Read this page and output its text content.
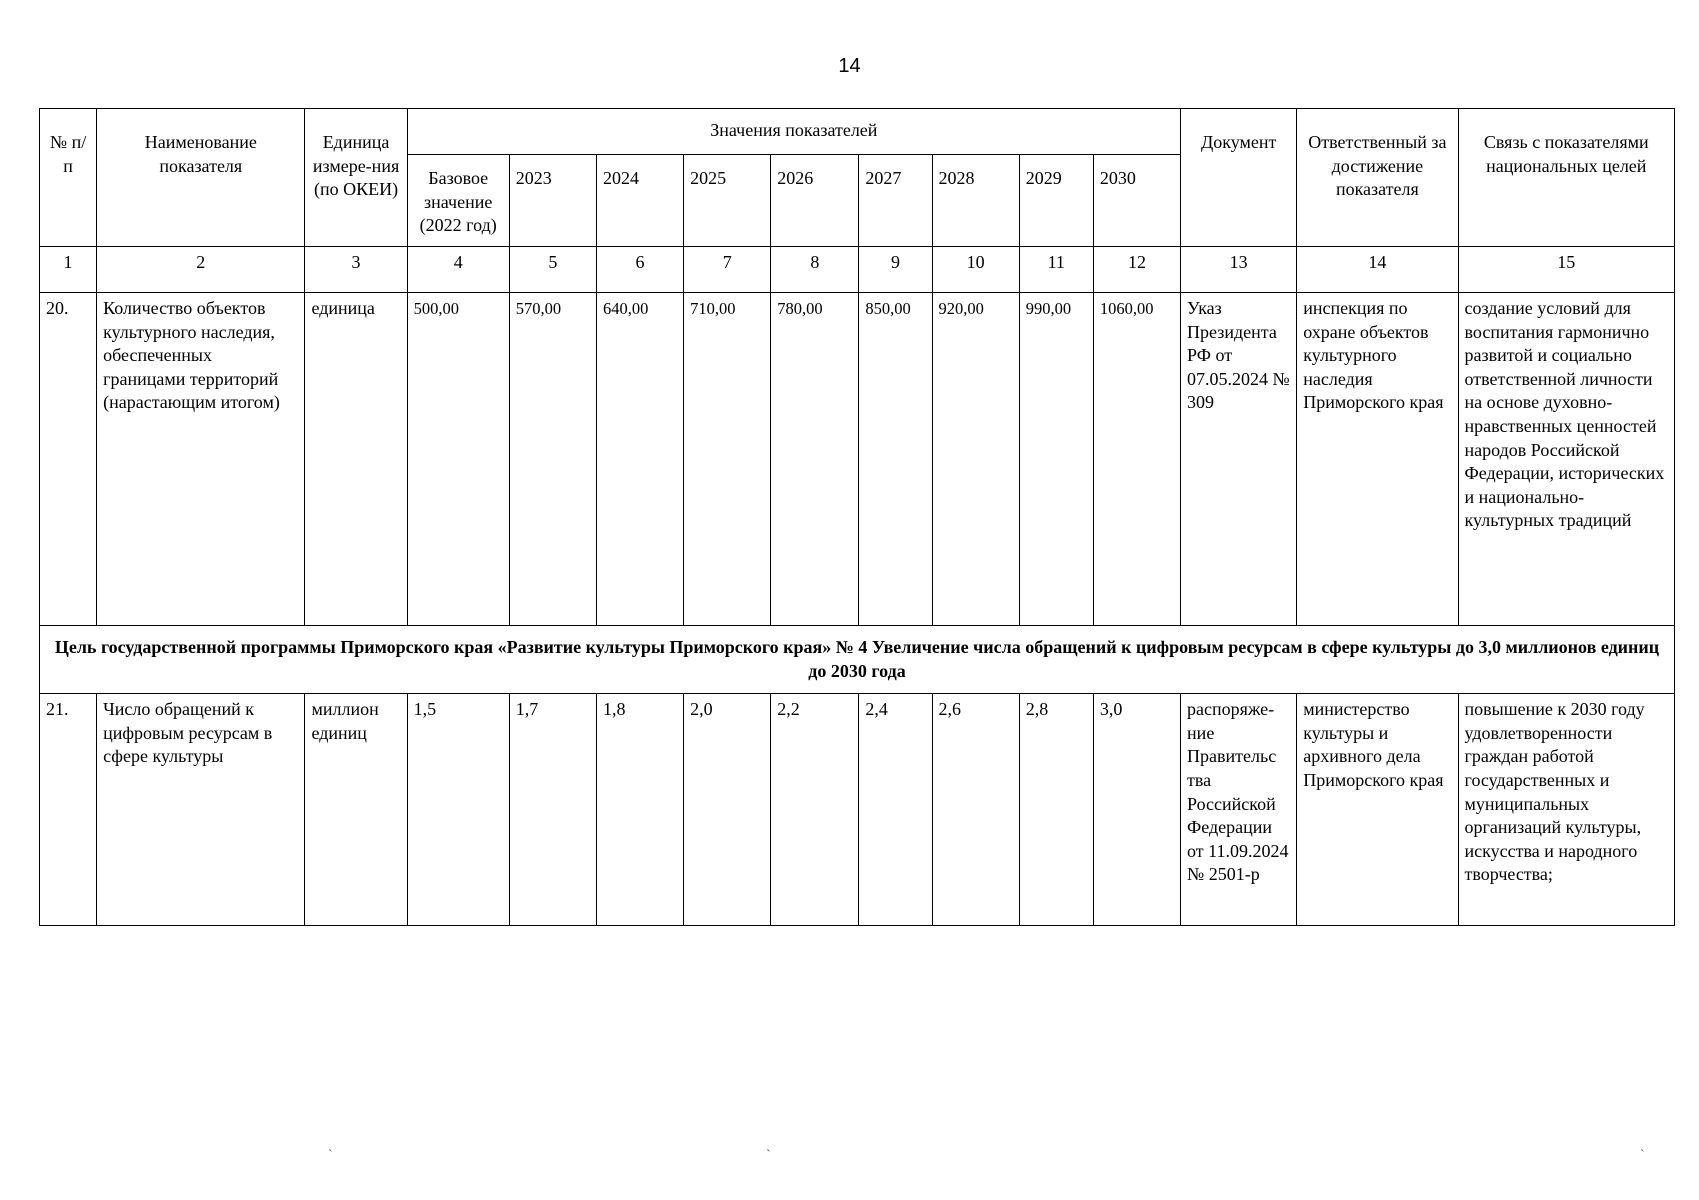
14
№ п/п	Наименование показателя	Единица измере-ния (по ОКЕИ)	Значения показателей									Документ	Ответственный за достижение показателя	Связь с показателями национальных целей
			Базовое значение (2022 год)	2023	2024	2025	2026	2027	2028	2029	2030			
1	2	3	4	5	6	7	8	9	10	11	12	13	14	15
20.	Количество объектов культурного наследия, обеспеченных границами территорий (нарастающим итогом)	единица	500,00	570,00	640,00	710,00	780,00	850,00	920,00	990,00	1060,00	Указ Президента РФ от 07.05.2024 № 309	инспекция по охране объектов культурного наследия Приморского края	создание условий для воспитания гармонично развитой и социально ответственной личности на основе духовно-нравственных ценностей народов Российской Федерации, исторических и национально-культурных традиций
Цель государственной программы Приморского края «Развитие культуры Приморского края» № 4 Увеличение числа обращений к цифровым ресурсам в сфере культуры до 3,0 миллионов единиц до 2030 года														
21.	Число обращений к цифровым ресурсам в сфере культуры	миллион единиц	1,5	1,7	1,8	2,0	2,2	2,4	2,6	2,8	3,0	распоряже-ние Правительс тва Российской Федерации от 11.09.2024 № 2501-р	министерство культуры и архивного дела Приморского края	повышение к 2030 году удовлетворенности граждан работой государственных и муниципальных организаций культуры, искусства и народного творчества;
ˋ	ˋ	ˋ
